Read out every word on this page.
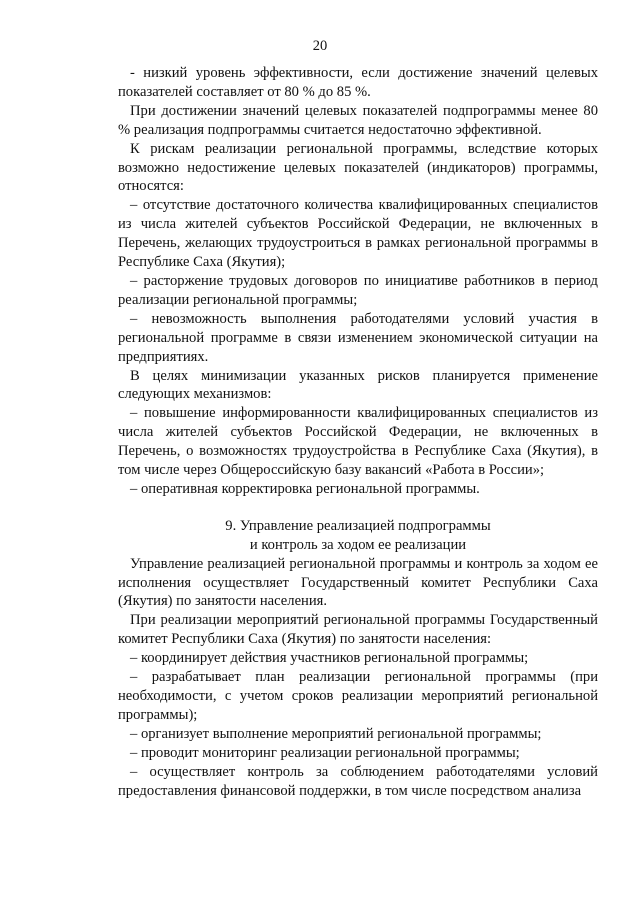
20

- низкий уровень эффективности, если достижение значений целевых показателей составляет от 80 % до 85 %.

При достижении значений целевых показателей подпрограммы менее 80 % реализация подпрограммы считается недостаточно эффективной.

К рискам реализации региональной программы, вследствие которых возможно недостижение целевых показателей (индикаторов) программы, относятся:

– отсутствие достаточного количества квалифицированных специалистов из числа жителей субъектов Российской Федерации, не включенных в Перечень, желающих трудоустроиться в рамках региональной программы в Республике Саха (Якутия);

– расторжение трудовых договоров по инициативе работников в период реализации региональной программы;

– невозможность выполнения работодателями условий участия в региональной программе в связи изменением экономической ситуации на предприятиях.

В целях минимизации указанных рисков планируется применение следующих механизмов:

– повышение информированности квалифицированных специалистов из числа жителей субъектов Российской Федерации, не включенных в Перечень, о возможностях трудоустройства в Республике Саха (Якутия), в том числе через Общероссийскую базу вакансий «Работа в России»;

– оперативная корректировка региональной программы.

9. Управление реализацией подпрограммы
и контроль за ходом ее реализации

Управление реализацией региональной программы и контроль за ходом ее исполнения осуществляет Государственный комитет Республики Саха (Якутия) по занятости населения.

При реализации мероприятий региональной программы Государственный комитет Республики Саха (Якутия) по занятости населения:

– координирует действия участников региональной программы;

– разрабатывает план реализации региональной программы (при необходимости, с учетом сроков реализации мероприятий региональной программы);

– организует выполнение мероприятий региональной программы;

– проводит мониторинг реализации региональной программы;

– осуществляет контроль за соблюдением работодателями условий предоставления финансовой поддержки, в том числе посредством анализа
